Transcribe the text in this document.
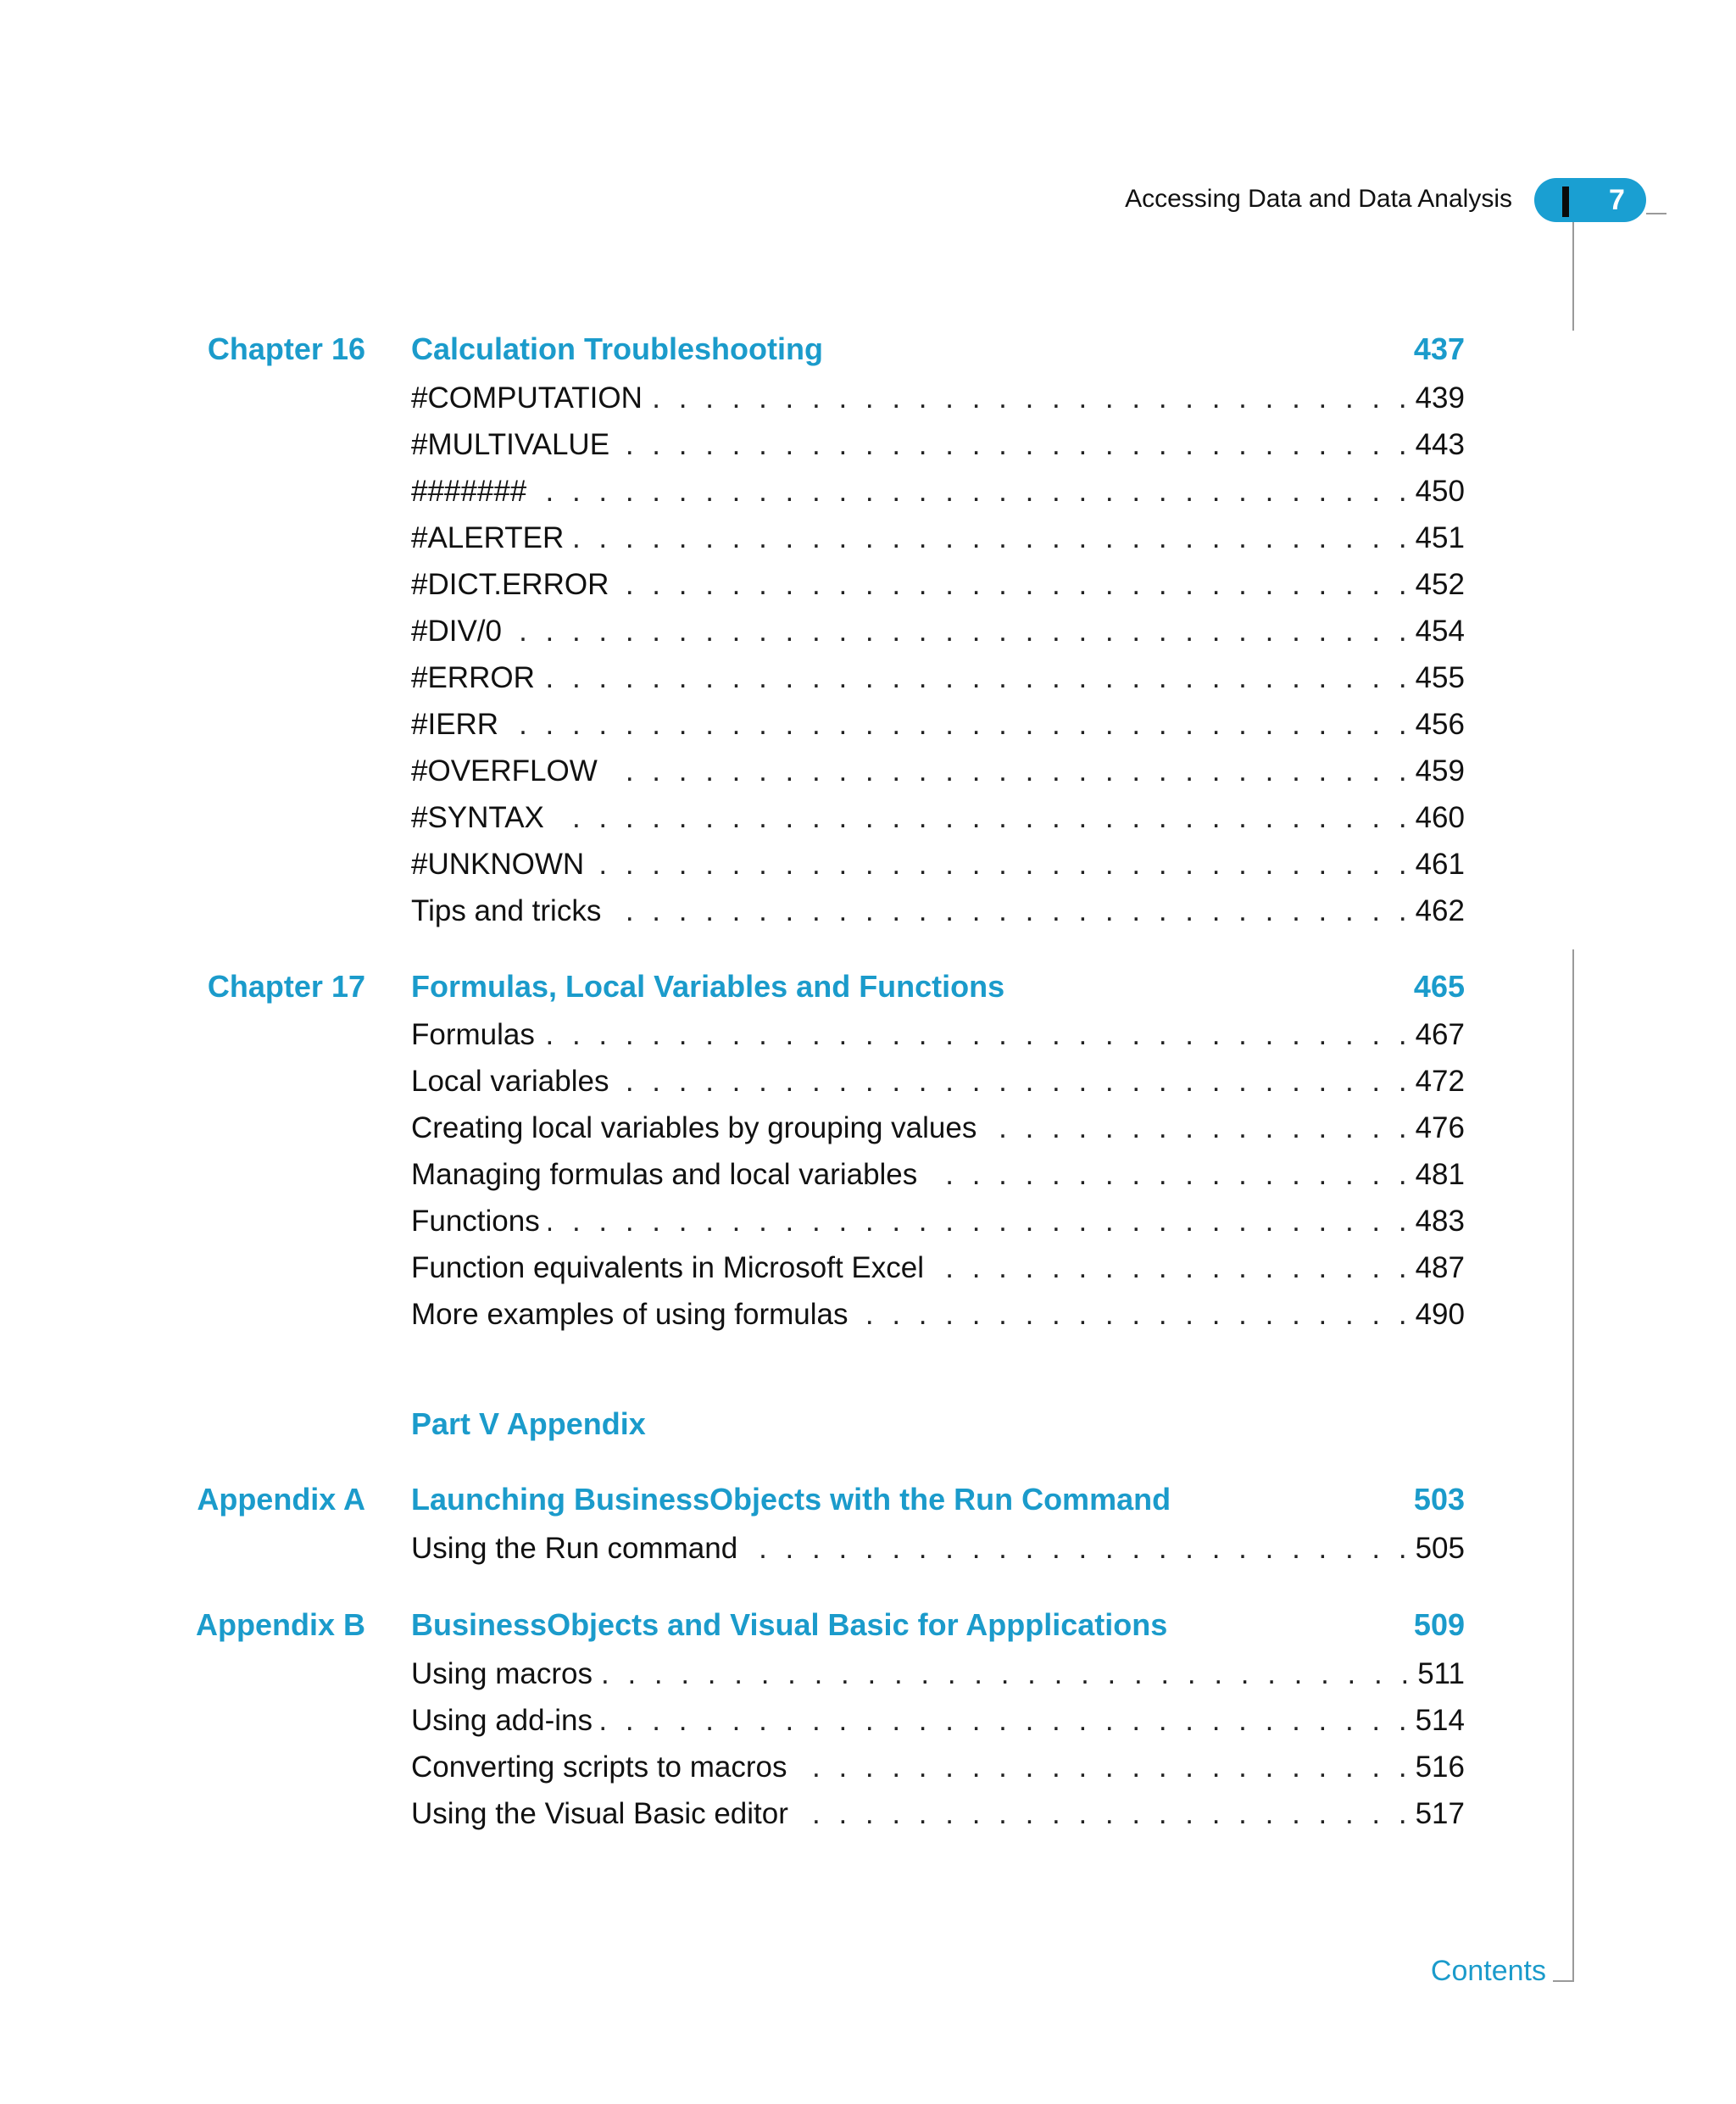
Accessing Data and Data Analysis	7
Chapter 16 Calculation Troubleshooting	437
#COMPUTATION . . .	439
#MULTIVALUE . . .	443
####### . . .	450
#ALERTER . . .	451
#DICT.ERROR . . .	452
#DIV/0 . . .	454
#ERROR . . .	455
#IERR . . .	456
#OVERFLOW . . .	459
#SYNTAX . . .	460
#UNKNOWN . . .	461
Tips and tricks . . .	462
Chapter 17 Formulas, Local Variables and Functions	465
Formulas . . .	467
Local variables . . .	472
Creating local variables by grouping values . . .	476
Managing formulas and local variables . . .	481
Functions . . .	483
Function equivalents in Microsoft Excel . . .	487
More examples of using formulas . . .	490
Part V Appendix
Appendix A Launching BusinessObjects with the Run Command	503
Using the Run command . . .	505
Appendix B BusinessObjects and Visual Basic for Appplications	509
Using macros . . .	511
Using add-ins . . .	514
Converting scripts to macros . . .	516
Using the Visual Basic editor . . .	517
Contents
